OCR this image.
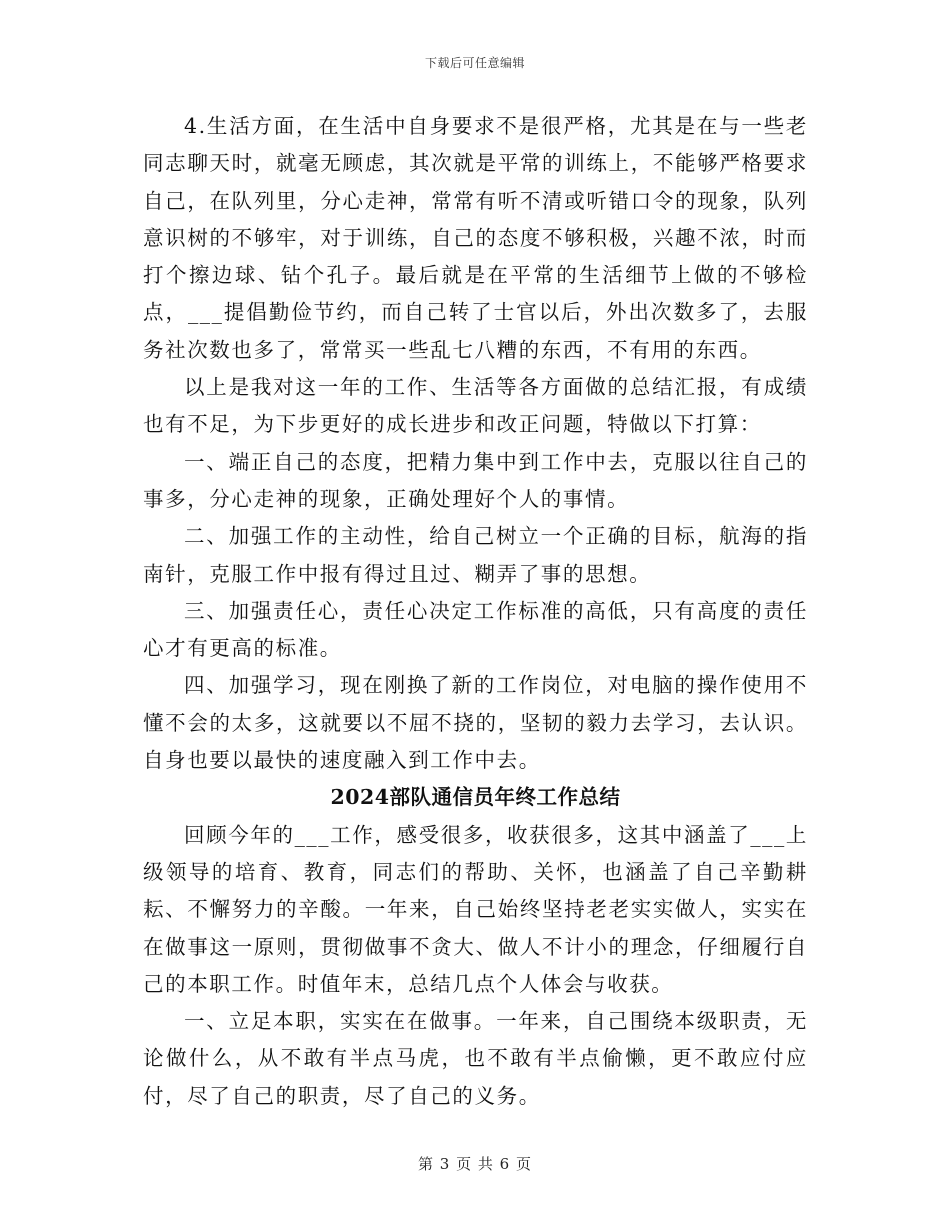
下载后可任意编辑

4.生活方面，在生活中自身要求不是很严格，尤其是在与一些老同志聊天时，就毫无顾虑，其次就是平常的训练上，不能够严格要求自己，在队列里，分心走神，常常有听不清或听错口令的现象，队列意识树的不够牢，对于训练，自己的态度不够积极，兴趣不浓，时而打个擦边球、钻个孔子。最后就是在平常的生活细节上做的不够检点，___提倡勤俭节约，而自己转了士官以后，外出次数多了，去服务社次数也多了，常常买一些乱七八糟的东西，不有用的东西。

以上是我对这一年的工作、生活等各方面做的总结汇报，有成绩也有不足，为下步更好的成长进步和改正问题，特做以下打算：

一、端正自己的态度，把精力集中到工作中去，克服以往自己的事多，分心走神的现象，正确处理好个人的事情。

二、加强工作的主动性，给自己树立一个正确的目标，航海的指南针，克服工作中报有得过且过、糊弄了事的思想。

三、加强责任心，责任心决定工作标准的高低，只有高度的责任心才有更高的标准。

四、加强学习，现在刚换了新的工作岗位，对电脑的操作使用不懂不会的太多，这就要以不屈不挠的，坚韧的毅力去学习，去认识。自身也要以最快的速度融入到工作中去。

2024部队通信员年终工作总结

回顾今年的___工作，感受很多，收获很多，这其中涵盖了___上级领导的培育、教育，同志们的帮助、关怀，也涵盖了自己辛勤耕耘、不懈努力的辛酸。一年来，自己始终坚持老老实实做人，实实在在做事这一原则，贯彻做事不贪大、做人不计小的理念，仔细履行自己的本职工作。时值年末，总结几点个人体会与收获。

一、立足本职，实实在在做事。一年来，自己围绕本级职责，无论做什么，从不敢有半点马虎，也不敢有半点偷懒，更不敢应付应付，尽了自己的职责，尽了自己的义务。

第 3 页 共 6 页
